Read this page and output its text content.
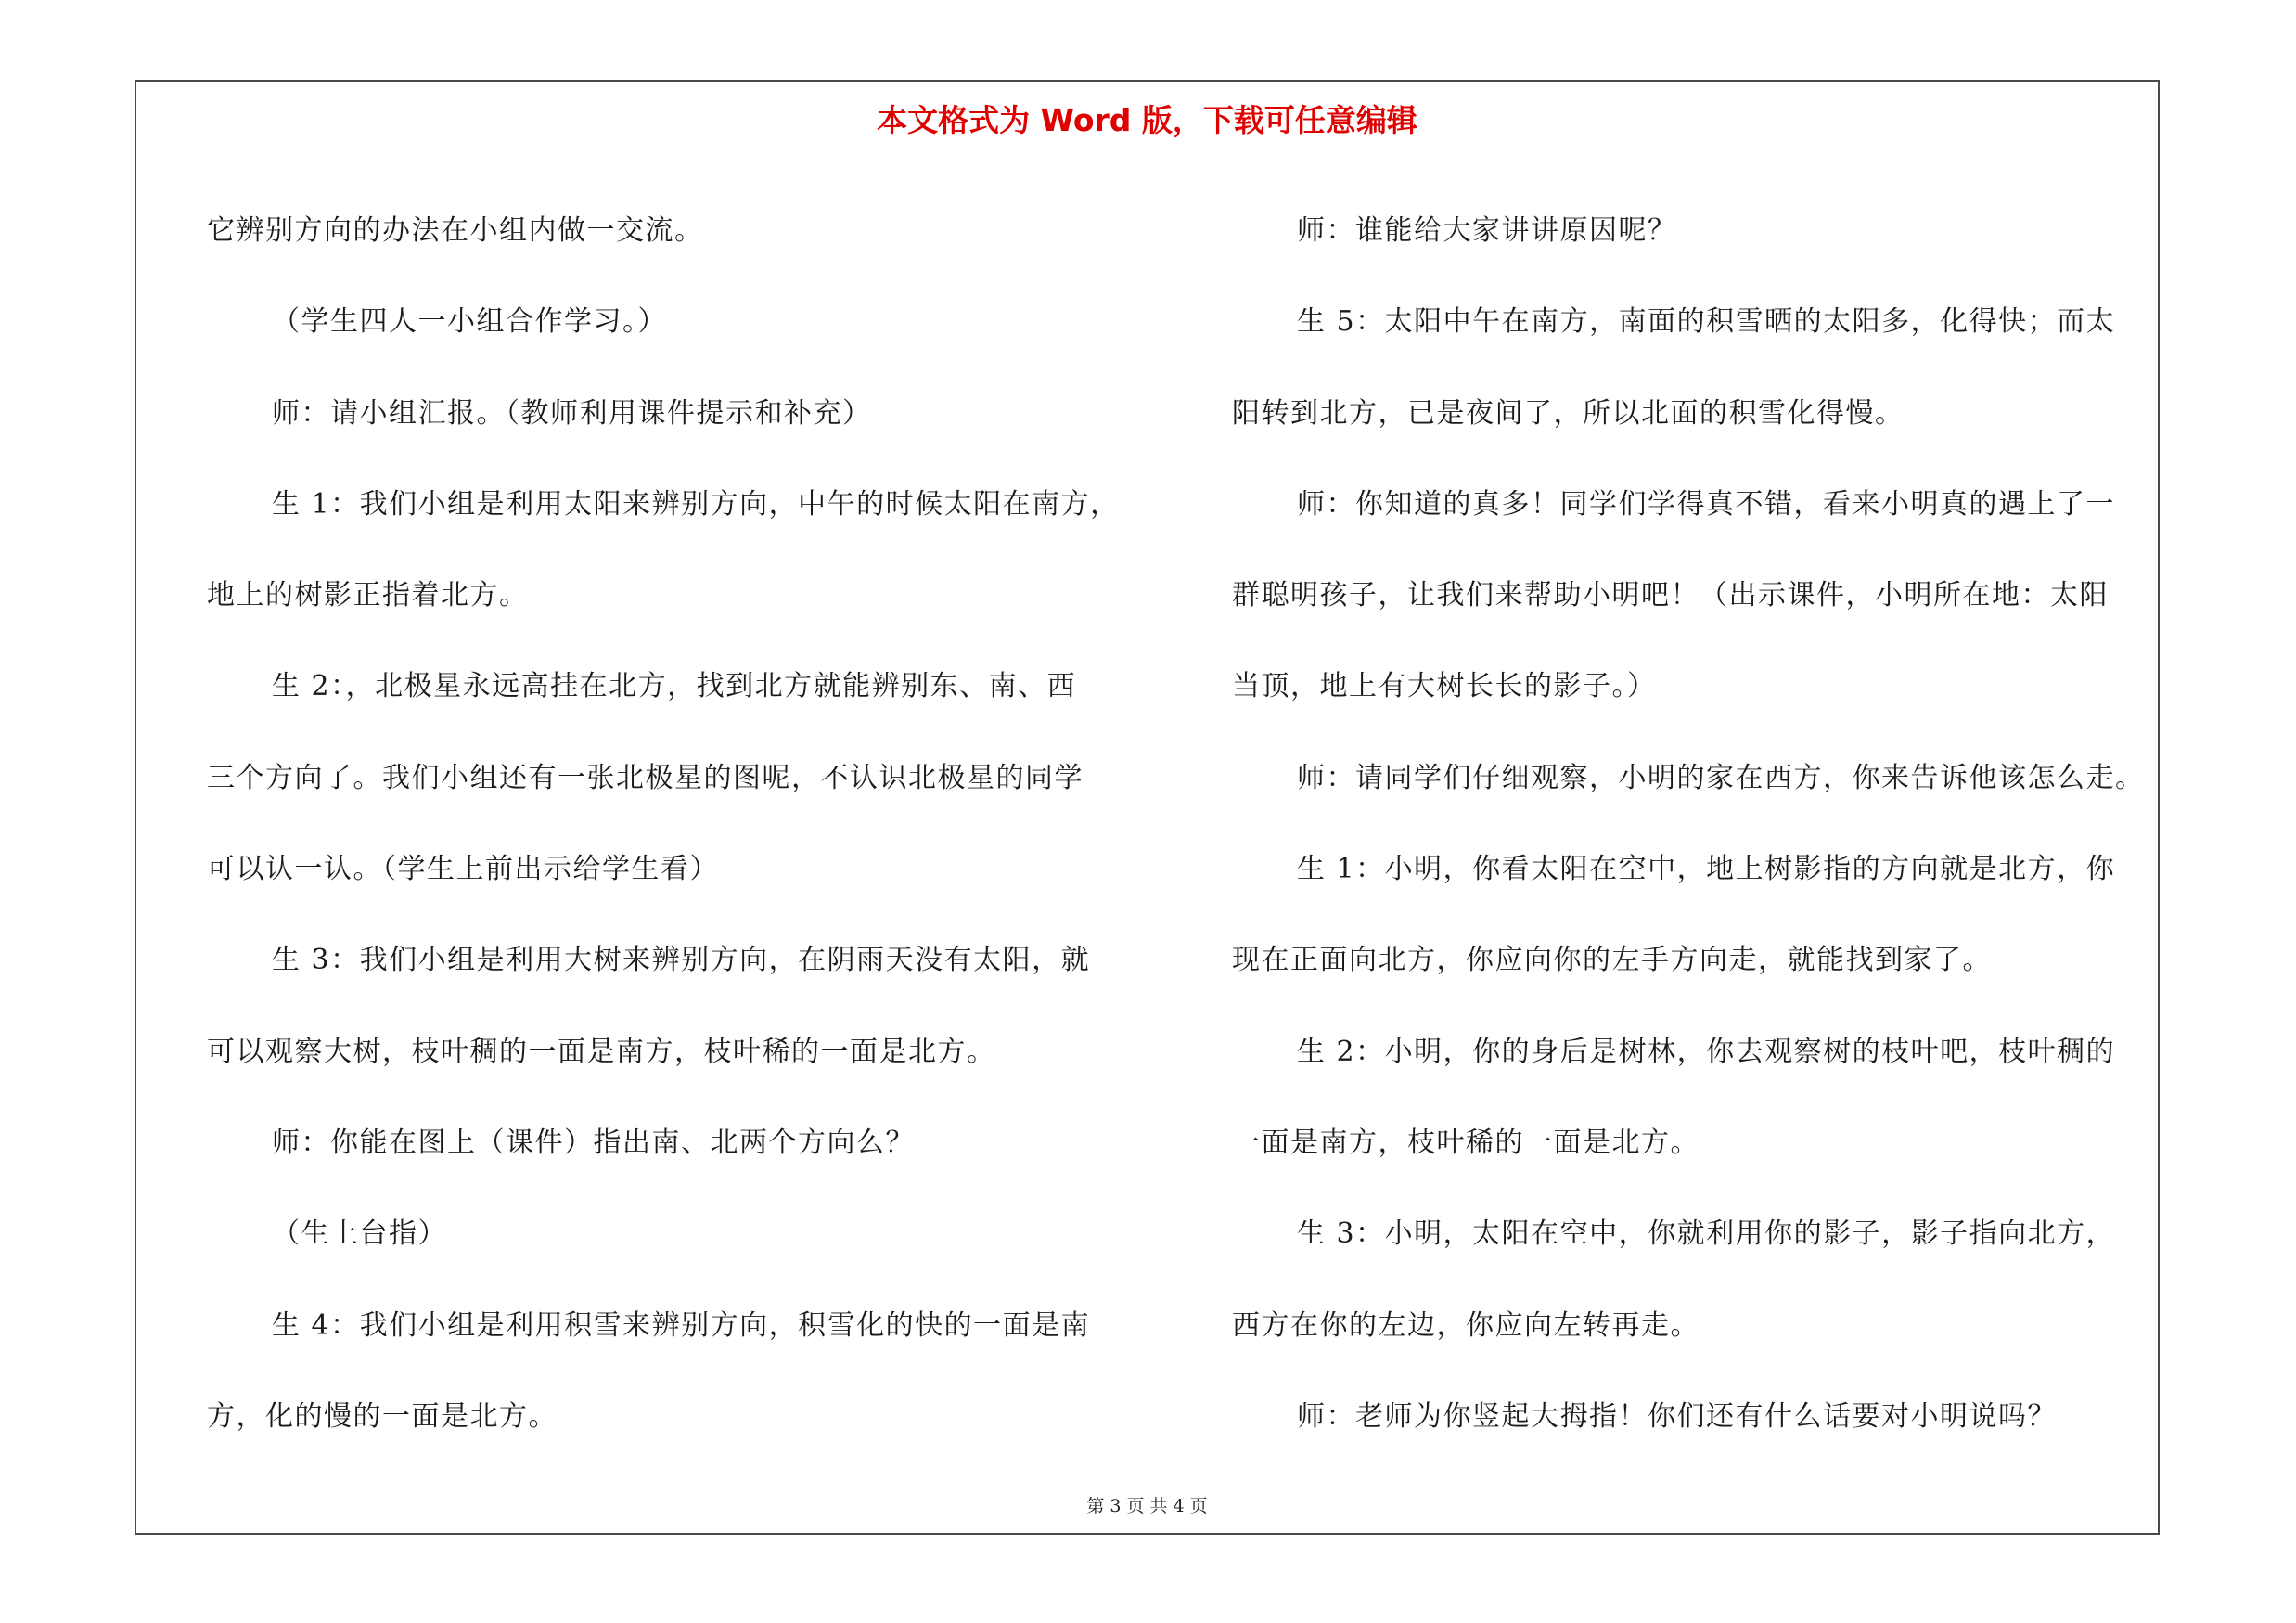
本文格式为 Word 版，下载可任意编辑

它辨别方向的办法在小组内做一交流。

（学生四人一小组合作学习。）

师：请小组汇报。（教师利用课件提示和补充）

生 1：我们小组是利用太阳来辨别方向，中午的时候太阳在南方，

地上的树影正指着北方。

生 2：，北极星永远高挂在北方，找到北方就能辨别东、南、西

三个方向了。我们小组还有一张北极星的图呢，不认识北极星的同学

可以认一认。（学生上前出示给学生看）

生 3：我们小组是利用大树来辨别方向，在阴雨天没有太阳，就

可以观察大树，枝叶稠的一面是南方，枝叶稀的一面是北方。

师：你能在图上（课件）指出南、北两个方向么？

（生上台指）

生 4：我们小组是利用积雪来辨别方向，积雪化的快的一面是南

方，化的慢的一面是北方。

师：谁能给大家讲讲原因呢？

生 5：太阳中午在南方，南面的积雪晒的太阳多，化得快；而太

阳转到北方，已是夜间了，所以北面的积雪化得慢。

师：你知道的真多！同学们学得真不错，看来小明真的遇上了一

群聪明孩子，让我们来帮助小明吧！（出示课件，小明所在地：太阳

当顶，地上有大树长长的影子。）

师：请同学们仔细观察，小明的家在西方，你来告诉他该怎么走。

生 1：小明，你看太阳在空中，地上树影指的方向就是北方，你

现在正面向北方，你应向你的左手方向走，就能找到家了。

生 2：小明，你的身后是树林，你去观察树的枝叶吧，枝叶稠的

一面是南方，枝叶稀的一面是北方。

生 3：小明，太阳在空中，你就利用你的影子，影子指向北方，

西方在你的左边，你应向左转再走。

师：老师为你竖起大拇指！你们还有什么话要对小明说吗？

第 3 页 共 4 页
